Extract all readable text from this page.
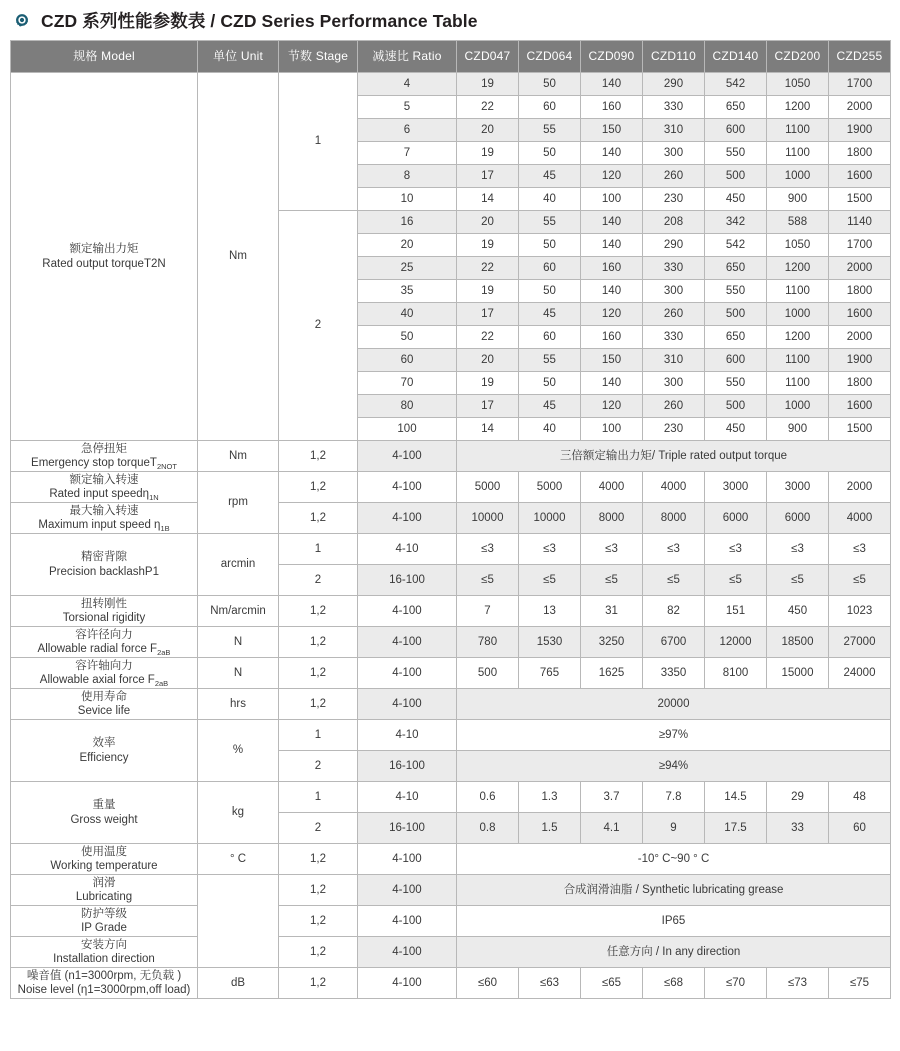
CZD 系列性能参数表 / CZD Series Performance Table
规格 Model	单位 Unit	节数 Stage	减速比 Ratio	CZD047	CZD064	CZD090	CZD110	CZD140	CZD200	CZD255

额定输出力矩
Rated output torqueT2N	Nm	1	4	19	50	140	290	542	1050	1700
			5	22	60	160	330	650	1200	2000
			6	20	55	150	310	600	1100	1900
			7	19	50	140	300	550	1100	1800
			8	17	45	120	260	500	1000	1600
			10	14	40	100	230	450	900	1500
		2	16	20	55	140	208	342	588	1140
			20	19	50	140	290	542	1050	1700
			25	22	60	160	330	650	1200	2000
			35	19	50	140	300	550	1100	1800
			40	17	45	120	260	500	1000	1600
			50	22	60	160	330	650	1200	2000
			60	20	55	150	310	600	1100	1900
			70	19	50	140	300	550	1100	1800
			80	17	45	120	260	500	1000	1600
			100	14	40	100	230	450	900	1500

急停扭矩
Emergency stop torqueT$_{2NOT}$	Nm	1,2	4-100	三倍额定输出力矩/ Triple rated output torque						

额定输入转速
Rated input speedη$_{1N}$	rpm	1,2	4-100	5000	5000	4000	4000	3000	3000	2000

最大输入转速
Maximum input speed $\eta_{1B}$		1,2	4-100	10000	10000	8000	8000	6000	6000	4000

精密背隙
Precision backlashP1	arcmin	1	4-10	≤3	≤3	≤3	≤3	≤3	≤3	≤3
		2	16-100	≤5	≤5	≤5	≤5	≤5	≤5	≤5

扭转刚性
Torsional rigidity	Nm/arcmin	1,2	4-100	7	13	31	82	151	450	1023

容许径向力
Allowable radial force $F_{2aB}$	N	1,2	4-100	780	1530	3250	6700	12000	18500	27000

容许轴向力
Allowable axial force $F_{2aB}$	N	1,2	4-100	500	765	1625	3350	8100	15000	24000

使用寿命
Sevice life	hrs	1,2	4-100	20000						

效率
Efficiency	%	1	4-10	≥97%						
		2	16-100	≥94%						

重量
Gross weight	kg	1	4-10	0.6	1.3	3.7	7.8	14.5	29	48
		2	16-100	0.8	1.5	4.1	9	17.5	33	60

使用温度
Working temperature	° C	1,2	4-100	-10° C~90 ° C						

润滑
Lubricating		1,2	4-100	合成润滑油脂 / Synthetic lubricating grease						

防护等级
IP Grade		1,2	4-100	IP65						

安装方向
Installation direction		1,2	4-100	任意方向 / In any direction						

噪音值 (n1=3000rpm, 无负载 )
Noise level (η1=3000rpm,off load)	dB	1,2	4-100	≤60	≤63	≤65	≤68	≤70	≤73	≤75
